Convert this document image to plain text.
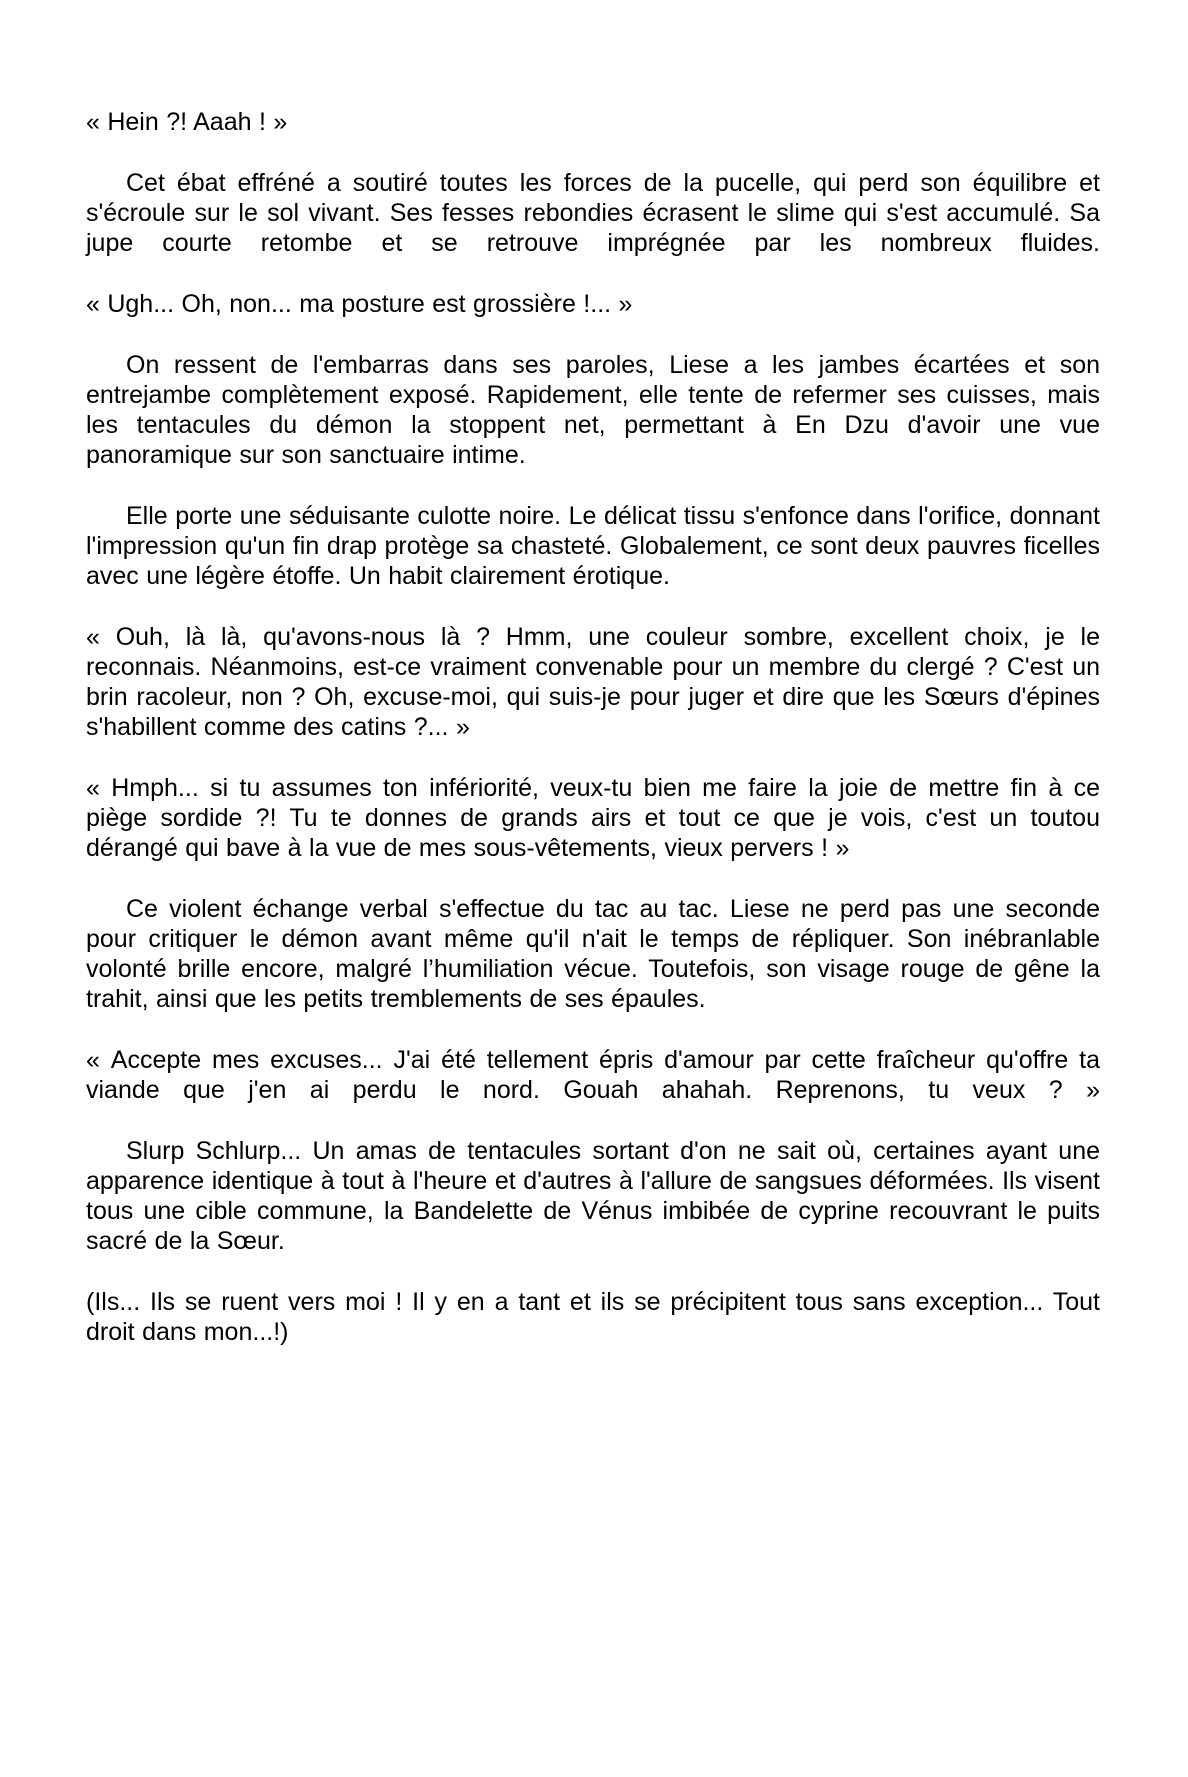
« Hein ?! Aaah ! »

Cet ébat effréné a soutiré toutes les forces de la pucelle, qui perd son équilibre et s'écroule sur le sol vivant. Ses fesses rebondies écrasent le slime qui s'est accumulé. Sa jupe courte retombe et se retrouve imprégnée par les nombreux fluides.

« Ugh... Oh, non... ma posture est grossière !... »

On ressent de l'embarras dans ses paroles, Liese a les jambes écartées et son entrejambe complètement exposé. Rapidement, elle tente de refermer ses cuisses, mais les tentacules du démon la stoppent net, permettant à En Dzu d'avoir une vue panoramique sur son sanctuaire intime.

Elle porte une séduisante culotte noire. Le délicat tissu s'enfonce dans l'orifice, donnant l'impression qu'un fin drap protège sa chasteté. Globalement, ce sont deux pauvres ficelles avec une légère étoffe. Un habit clairement érotique.

« Ouh, là là, qu'avons-nous là ? Hmm, une couleur sombre, excellent choix, je le reconnais. Néanmoins, est-ce vraiment convenable pour un membre du clergé ? C'est un brin racoleur, non ? Oh, excuse-moi, qui suis-je pour juger et dire que les Sœurs d'épines s'habillent comme des catins ?... »

« Hmph... si tu assumes ton infériorité, veux-tu bien me faire la joie de mettre fin à ce piège sordide ?! Tu te donnes de grands airs et tout ce que je vois, c'est un toutou dérangé qui bave à la vue de mes sous-vêtements, vieux pervers ! »

Ce violent échange verbal s'effectue du tac au tac. Liese ne perd pas une seconde pour critiquer le démon avant même qu'il n'ait le temps de répliquer. Son inébranlable volonté brille encore, malgré l’humiliation vécue. Toutefois, son visage rouge de gêne la trahit, ainsi que les petits tremblements de ses épaules.

« Accepte mes excuses... J'ai été tellement épris d'amour par cette fraîcheur qu'offre ta viande que j'en ai perdu le nord. Gouah ahahah. Reprenons, tu veux ? »

Slurp Schlurp... Un amas de tentacules sortant d'on ne sait où, certaines ayant une apparence identique à tout à l'heure et d'autres à l'allure de sangsues déformées. Ils visent tous une cible commune, la Bandelette de Vénus imbibée de cyprine recouvrant le puits sacré de la Sœur.

(Ils... Ils se ruent vers moi ! Il y en a tant et ils se précipitent tous sans exception... Tout droit dans mon...!)
